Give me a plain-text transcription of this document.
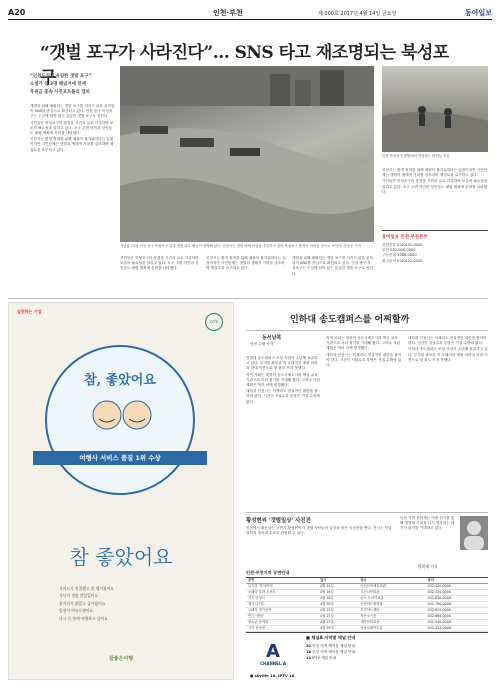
A20	인천·부천	제 000호 2017년 4월 14일 금요일	동아일보
“갯벌 포구가 사라진다”… SNS 타고 재조명되는 북성포구
“인천도심의 유일한 갯벌 포구”
소설가 등 3명 해넘겨에 연재
후원금 홍속 사진포트폴리 캠퍼

개발을 위해 매립되는 갯벌 포구를 지키기 위한 움직임이 SNS를 중심으로 확산되고 있다. 인천 중구 북성포구는 도심에 남아 있는 유일한 갯벌 포구로 꼽힌다.

시민들은 북성포구의 풍경을 사진과 글로 기록하며 보존의 필요성을 알리고 있다. 포구 주변 어민과 상인들도 매립 계획에 우려를 나타냈다.

인천시는 환경 정비를 위해 매립이 불가피하다는 입장이지만 시민단체는 갯벌의 생태적 가치를 강조하며 재검토를 요구하고 있다.

지난달 11일 인천 중구 북성포구 일대 갯벌 위로 배들이 정박해 있다. 인천시는 갯벌 매립 사업을 추진하고 있어 북성포구 풍경이 사라질 것으로 보인다. 김동주 기자

시민들은 북성포구의 풍경을 사진과 글로 기록하며 보존의 필요성을 알리고 있다. 포구 주변 어민과 상인들도 매립 계획에 우려를 나타냈다.

인천시는 환경 정비를 위해 매립이 불가피하다는 입장이지만 시민단체는 갯벌의 생태적 가치를 강조하며 재검토를 요구하고 있다.

개발을 위해 매립되는 갯벌 포구를 지키기 위한 움직임이 SNS를 중심으로 확산되고 있다. 인천 중구 북성포구는 도심에 남아 있는 유일한 갯벌 포구로 꼽힌다.

인천 북성포구 갯벌에서 작업하는 어민들 모습

인천시는 환경 정비를 위해 매립이 불가피하다는 입장이지만 시민단체는 갯벌의 생태적 가치를 강조하며 재검토를 요구하고 있다.

시민들은 북성포구의 풍경을 사진과 글로 기록하며 보존의 필요성을 알리고 있다. 포구 주변 어민과 상인들도 매립 계획에 우려를 나타냈다.

동아일보 인천·부천본부
인천본부 032-431-0000
부천 032-000-0000
구독신청 1588-0000
광고문의 032-421-0000
실천하는 기업
ccm
참, 좋았어요
여행사 서비스 품질 1위 수상
참 좋았어요
가이드가 친절했고 잘 챙겨줬어요
식사가 정말 맛있었어요
볼거리가 많았고 즐거웠어요
일정이 여유로웠어요
다시 꼭 함께 여행하고 싶어요
참좋은여행
인하대 송도캠퍼스를 어찌할까
동서남북
인천 주재 기자

인하대 송도캠퍼스 조성 사업이 수년째 표류하고 있다. 부지를 확보한 지 오래지만 재원 마련과 학내 이견으로 첫 삽도 뜨지 못했다.

지역 사회는 대학이 송도국제도시의 핵심 교육 기관으로 자리 잡기를 기대해 왔다. 그러나 사업 계획은 여러 차례 변경됐다.

대학과 인천시는 이제라도 현실적인 대안을 찾아야 한다. 시간이 지날수록 부담은 커질 수밖에 없다.

지역 사회는 대학이 송도국제도시의 핵심 교육 기관으로 자리 잡기를 기대해 왔다. 그러나 사업 계획은 여러 차례 변경됐다.

대학과 인천시는 이제라도 현실적인 대안을 찾아야 한다. 시간이 지날수록 부담은 커질 수밖에 없다.

대학과 인천시는 이제라도 현실적인 대안을 찾아야 한다. 시간이 지날수록 부담은 커질 수밖에 없다.

인하대 송도캠퍼스 조성 사업이 수년째 표류하고 있다. 부지를 확보한 지 오래지만 재원 마련과 학내 이견으로 첫 삽도 뜨지 못했다.

황성현씨 ‘갯벌일상’ 사진전
인천에서 활동하는 사진가 황성현씨가 갯벌 사람들의 일상을 담은 사진전을 연다. 전시는 이달 말까지 열리며 무료로 관람할 수 있다.
인천 지역 문화계는 이번 전시를 통해 갯벌의 가치를 다시 생각하는 계기가 되기를 기대하고 있다.
박희제 기자
인천·부천지역 공연안내
공연	일시	장소	문의
뮤지컬 ‘맘마미아’	4월 15일	인천문화예술회관	032-420-0000
오페라 갈라 콘서트	4월 16일	부천시민회관	032-320-0000
가족 인형극	4월 18일	송도 트라이보울	032-830-0000
재즈 나이트	4월 20일	인천아트플랫폼	032-760-0000
클래식 정기공연	4월 22일	부천아트센터	032-625-0000
연극 ‘햄릿’	4월 25일	학산소극장	032-866-0000
청소년 음악회	4월 27일	계양문화회관	032-540-0000
국악 한마당	4월 29일	남동소래아트홀	032-453-0000
■ 채널A 지역별 채널 안내
A
CHANNEL A
20 인천 지역 케이블 채널 안내
18 부천 지역 케이블 채널 안내
14 IPTV 채널 안내
● skylife 18, IPTV 18
